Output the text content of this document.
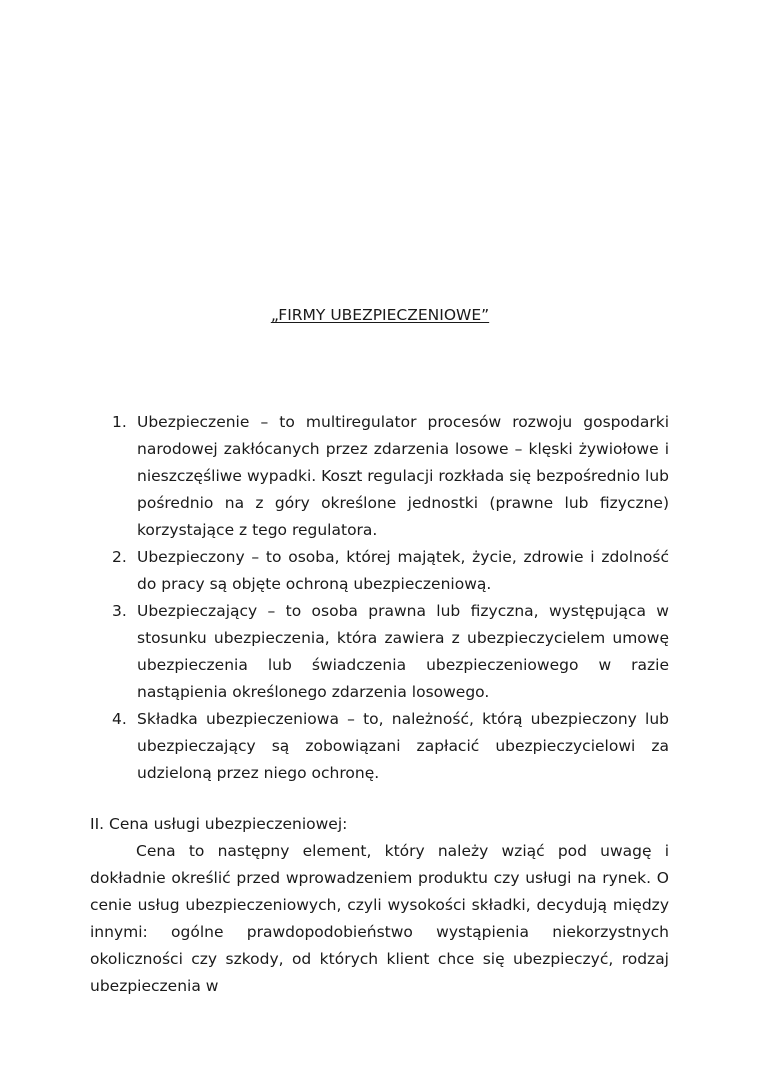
„FIRMY UBEZPIECZENIOWE”
1. Ubezpieczenie – to multiregulator procesów rozwoju gospodarki narodowej zakłócanych przez zdarzenia losowe – klęski żywiołowe i nieszczęśliwe wypadki. Koszt regulacji rozkłada się bezpośrednio lub pośrednio na z góry określone jednostki (prawne lub fizyczne) korzystające z tego regulatora.
2. Ubezpieczony – to osoba, której majątek, życie, zdrowie i zdolność do pracy są objęte ochroną ubezpieczeniową.
3. Ubezpieczający – to osoba prawna lub fizyczna, występująca w stosunku ubezpieczenia, która zawiera z ubezpieczycielem umowę ubezpieczenia lub świadczenia ubezpieczeniowego w razie nastąpienia określonego zdarzenia losowego.
4. Składka ubezpieczeniowa – to, należność, którą ubezpieczony lub ubezpieczający są zobowiązani zapłacić ubezpieczycielowi za udzieloną przez niego ochronę.
II. Cena usługi ubezpieczeniowej:

Cena to następny element, który należy wziąć pod uwagę i dokładnie określić przed wprowadzeniem produktu czy usługi na rynek. O cenie usług ubezpieczeniowych, czyli wysokości składki, decydują między innymi: ogólne prawdopodobieństwo wystąpienia niekorzystnych okoliczności czy szkody, od których klient chce się ubezpieczyć, rodzaj ubezpieczenia w
